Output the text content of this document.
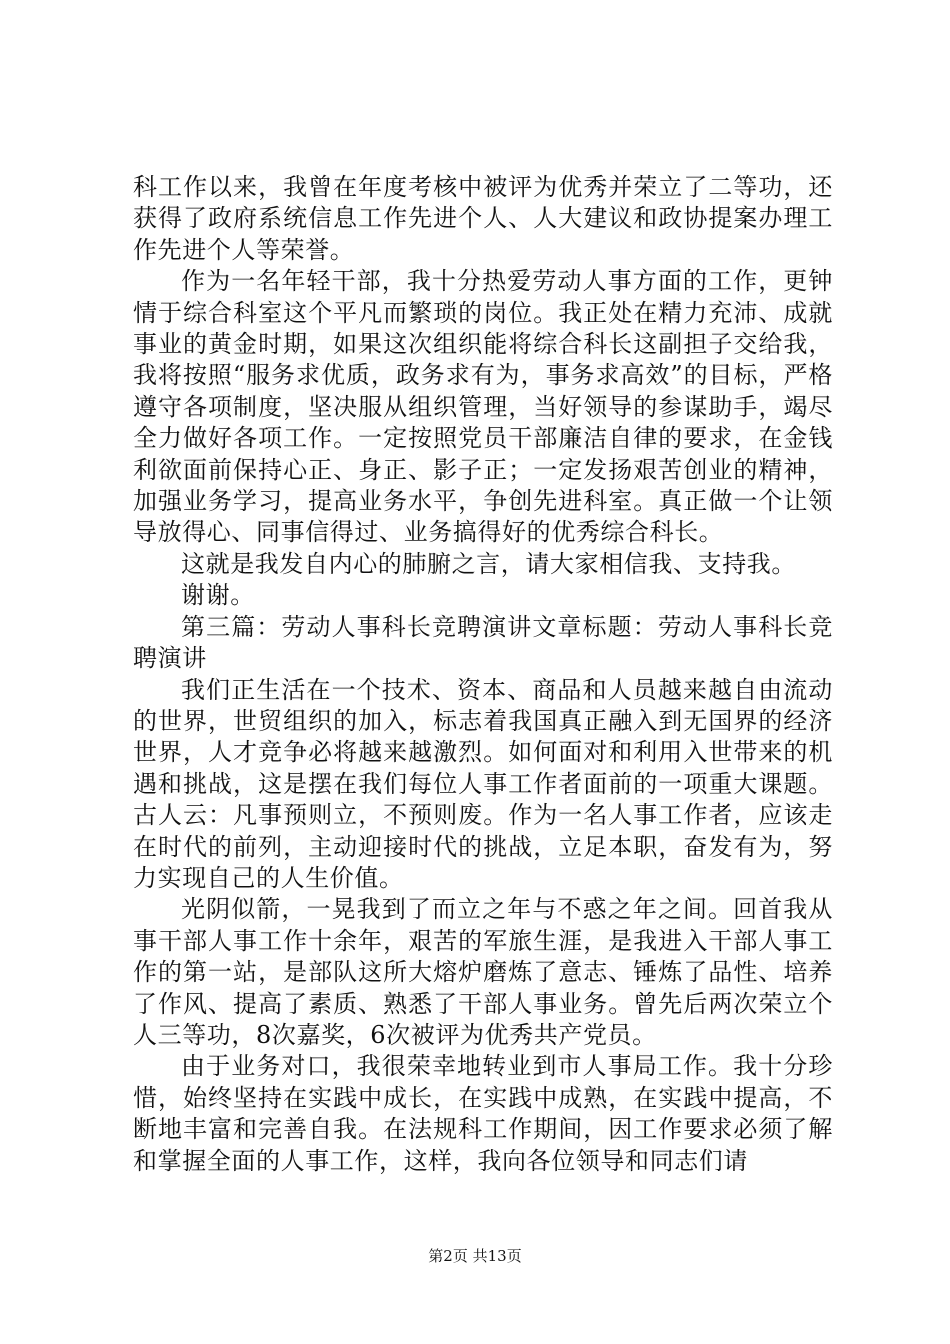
科工作以来，我曾在年度考核中被评为优秀并荣立了二等功，还获得了政府系统信息工作先进个人、人大建议和政协提案办理工作先进个人等荣誉。

作为一名年轻干部，我十分热爱劳动人事方面的工作，更钟情于综合科室这个平凡而繁琐的岗位。我正处在精力充沛、成就事业的黄金时期，如果这次组织能将综合科长这副担子交给我，我将按照“服务求优质，政务求有为，事务求高效”的目标，严格遵守各项制度，坚决服从组织管理，当好领导的参谋助手，竭尽全力做好各项工作。一定按照党员干部廉洁自律的要求，在金钱利欲面前保持心正、身正、影子正；一定发扬艰苦创业的精神，加强业务学习，提高业务水平，争创先进科室。真正做一个让领导放得心、同事信得过、业务搞得好的优秀综合科长。

这就是我发自内心的肺腑之言，请大家相信我、支持我。

谢谢。

第三篇：劳动人事科长竞聘演讲文章标题：劳动人事科长竞聘演讲

我们正生活在一个技术、资本、商品和人员越来越自由流动的世界，世贸组织的加入，标志着我国真正融入到无国界的经济世界，人才竞争必将越来越激烈。如何面对和利用入世带来的机遇和挑战，这是摆在我们每位人事工作者面前的一项重大课题。古人云：凡事预则立，不预则废。作为一名人事工作者，应该走在时代的前列，主动迎接时代的挑战，立足本职，奋发有为，努力实现自己的人生价值。

光阴似箭，一晃我到了而立之年与不惑之年之间。回首我从事干部人事工作十余年，艰苦的军旅生涯，是我进入干部人事工作的第一站，是部队这所大熔炉磨炼了意志、锤炼了品性、培养了作风、提高了素质、熟悉了干部人事业务。曾先后两次荣立个人三等功，8次嘉奖，6次被评为优秀共产党员。

由于业务对口，我很荣幸地转业到市人事局工作。我十分珍惜，始终坚持在实践中成长，在实践中成熟，在实践中提高，不断地丰富和完善自我。在法规科工作期间，因工作要求必须了解和掌握全面的人事工作，这样，我向各位领导和同志们请

第2页 共13页
